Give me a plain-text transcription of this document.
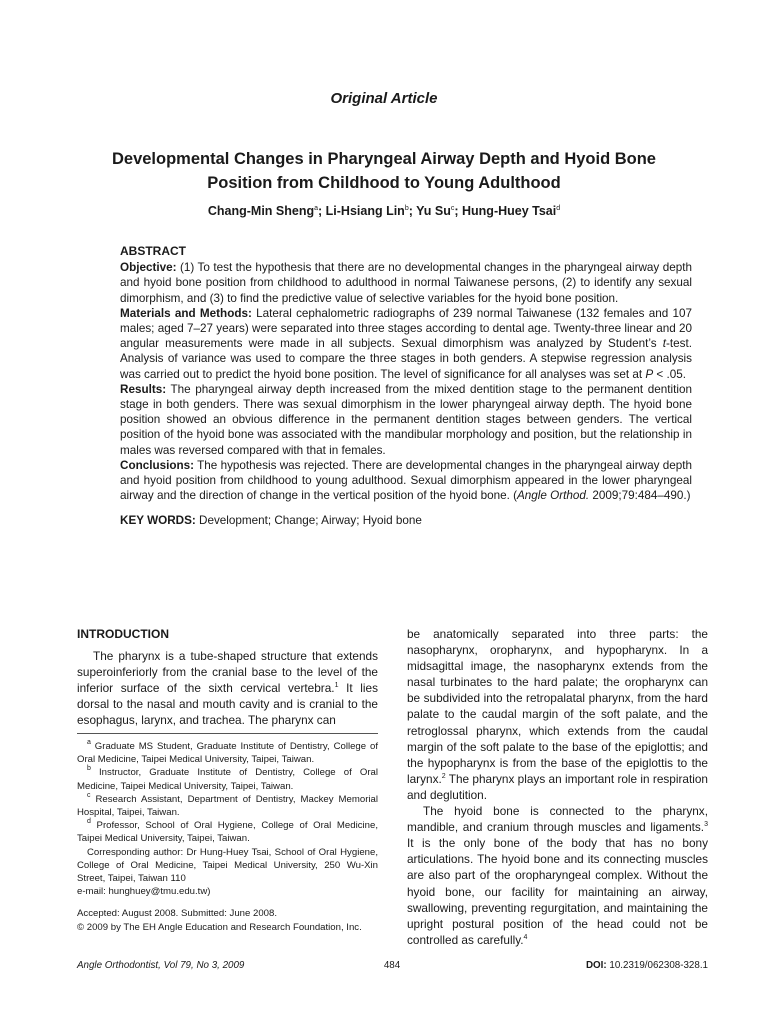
Original Article
Developmental Changes in Pharyngeal Airway Depth and Hyoid Bone
Position from Childhood to Young Adulthood
Chang-Min Sheng$^a$; Li-Hsiang Lin$^b$; Yu Su$^c$; Hung-Huey Tsai$^d$
ABSTRACT

Objective: (1) To test the hypothesis that there are no developmental changes in the pharyngeal airway depth and hyoid bone position from childhood to adulthood in normal Taiwanese persons, (2) to identify any sexual dimorphism, and (3) to find the predictive value of selective variables for the hyoid bone position.

Materials and Methods: Lateral cephalometric radiographs of 239 normal Taiwanese (132 females and 107 males; aged 7–27 years) were separated into three stages according to dental age. Twenty-three linear and 20 angular measurements were made in all subjects. Sexual dimorphism was analyzed by Student’s t-test. Analysis of variance was used to compare the three stages in both genders. A stepwise regression analysis was carried out to predict the hyoid bone position. The level of significance for all analyses was set at P < .05.

Results: The pharyngeal airway depth increased from the mixed dentition stage to the permanent dentition stage in both genders. There was sexual dimorphism in the lower pharyngeal airway depth. The hyoid bone position showed an obvious difference in the permanent dentition stages between genders. The vertical position of the hyoid bone was associated with the mandibular morphology and position, but the relationship in males was reversed compared with that in females.

Conclusions: The hypothesis was rejected. There are developmental changes in the pharyngeal airway depth and hyoid position from childhood to young adulthood. Sexual dimorphism appeared in the lower pharyngeal airway and the direction of change in the vertical position of the hyoid bone. (Angle Orthod. 2009;79:484–490.)

KEY WORDS: Development; Change; Airway; Hyoid bone

INTRODUCTION

The pharynx is a tube-shaped structure that extends superoinferiorly from the cranial base to the level of the inferior surface of the sixth cervical vertebra.$^1$ It lies dorsal to the nasal and mouth cavity and is cranial to the esophagus, larynx, and trachea. The pharynx can

$^a$ Graduate MS Student, Graduate Institute of Dentistry, College of Oral Medicine, Taipei Medical University, Taipei, Taiwan.

$^b$ Instructor, Graduate Institute of Dentistry, College of Oral Medicine, Taipei Medical University, Taipei, Taiwan.

$^c$ Research Assistant, Department of Dentistry, Mackey Memorial Hospital, Taipei, Taiwan.

$^d$ Professor, School of Oral Hygiene, College of Oral Medicine, Taipei Medical University, Taipei, Taiwan.

Corresponding author: Dr Hung-Huey Tsai, School of Oral Hygiene, College of Oral Medicine, Taipei Medical University, 250 Wu-Xin Street, Taipei, Taiwan 110

e-mail: hunghuey@tmu.edu.tw)

Accepted: August 2008. Submitted: June 2008.

© 2009 by The EH Angle Education and Research Foundation, Inc.

be anatomically separated into three parts: the nasopharynx, oropharynx, and hypopharynx. In a midsagittal image, the nasopharynx extends from the nasal turbinates to the hard palate; the oropharynx can be subdivided into the retropalatal pharynx, from the hard palate to the caudal margin of the soft palate, and the retroglossal pharynx, which extends from the caudal margin of the soft palate to the base of the epiglottis; and the hypopharynx is from the base of the epiglottis to the larynx.$^2$ The pharynx plays an important role in respiration and deglutition.

The hyoid bone is connected to the pharynx, mandible, and cranium through muscles and ligaments.$^3$ It is the only bone of the body that has no bony articulations. The hyoid bone and its connecting muscles are also part of the oropharyngeal complex. Without the hyoid bone, our facility for maintaining an airway, swallowing, preventing regurgitation, and maintaining the upright postural position of the head could not be controlled as carefully.$^4$

Angle Orthodontist, Vol 79, No 3, 2009	484	DOI: 10.2319/062308-328.1
